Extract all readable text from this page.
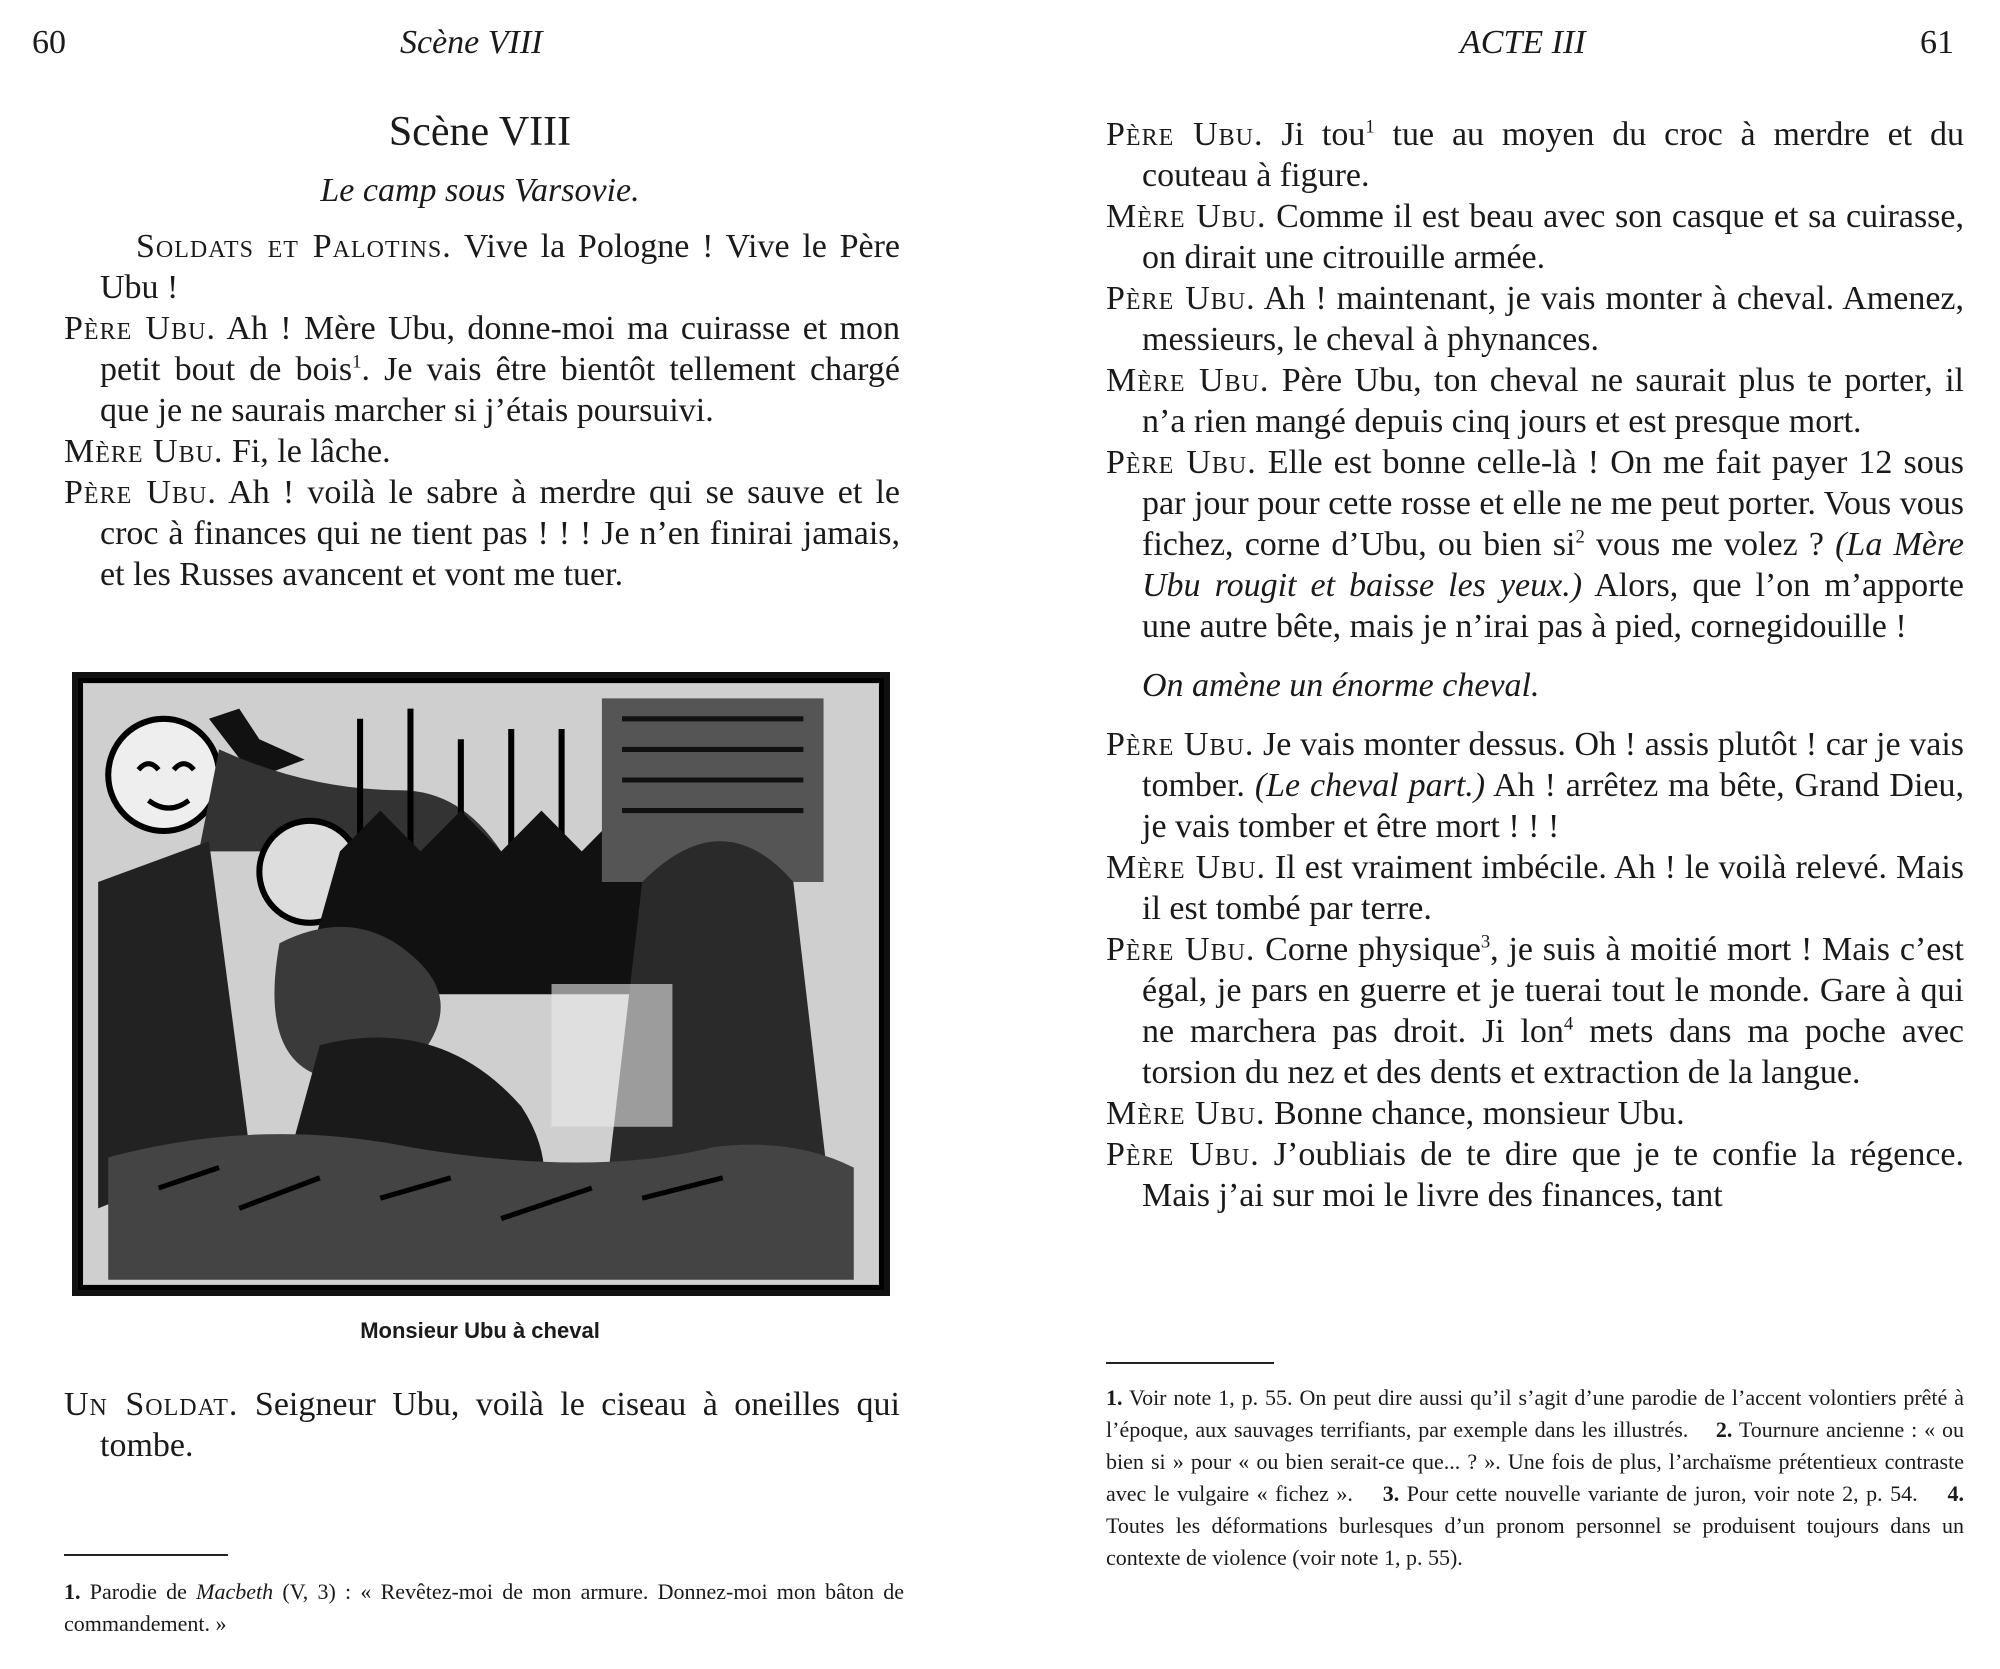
60	Scène VIII
Scène VIII
Le camp sous Varsovie.

Soldats et Palotins. Vive la Pologne ! Vive le Père Ubu !

Père Ubu. Ah ! Mère Ubu, donne-moi ma cuirasse et mon petit bout de bois$^1$. Je vais être bientôt tellement chargé que je ne saurais marcher si j’étais poursuivi.

Mère Ubu. Fi, le lâche.

Père Ubu. Ah ! voilà le sabre à merdre qui se sauve et le croc à finances qui ne tient pas ! ! ! Je n’en finirai jamais, et les Russes avancent et vont me tuer.

Monsieur Ubu à cheval

Un Soldat. Seigneur Ubu, voilà le ciseau à oneilles qui tombe.

1. Parodie de Macbeth (V, 3) : « Revêtez-moi de mon armure. Donnez-moi mon bâton de commandement. »
ACTE III	61

Père Ubu. Ji tou$^1$ tue au moyen du croc à merdre et du couteau à figure.

Mère Ubu. Comme il est beau avec son casque et sa cuirasse, on dirait une citrouille armée.

Père Ubu. Ah ! maintenant, je vais monter à cheval. Amenez, messieurs, le cheval à phynances.

Mère Ubu. Père Ubu, ton cheval ne saurait plus te porter, il n’a rien mangé depuis cinq jours et est presque mort.

Père Ubu. Elle est bonne celle-là ! On me fait payer 12 sous par jour pour cette rosse et elle ne me peut porter. Vous vous fichez, corne d’Ubu, ou bien $si^2$ vous me volez ? (La Mère Ubu rougit et baisse les yeux.) Alors, que l’on m’apporte une autre bête, mais je n’irai pas à pied, cornegidouille !

On amène un énorme cheval.

Père Ubu. Je vais monter dessus. Oh ! assis plutôt ! car je vais tomber. (Le cheval part.) Ah ! arrêtez ma bête, Grand Dieu, je vais tomber et être mort ! ! !

Mère Ubu. Il est vraiment imbécile. Ah ! le voilà relevé. Mais il est tombé par terre.

Père Ubu. Corne physique$^3$, je suis à moitié mort ! Mais c’est égal, je pars en guerre et je tuerai tout le monde. Gare à qui ne marchera pas droit. Ji lon$^4$ mets dans ma poche avec torsion du nez et des dents et extraction de la langue.

Mère Ubu. Bonne chance, monsieur Ubu.

Père Ubu. J’oubliais de te dire que je te confie la régence. Mais j’ai sur moi le livre des finances, tant

1. Voir note 1, p. 55. On peut dire aussi qu’il s’agit d’une parodie de l’accent volontiers prêté à l’époque, aux sauvages terrifiants, par exemple dans les illustrés. 2. Tournure ancienne : « ou bien si » pour « ou bien serait-ce que... ? ». Une fois de plus, l’archaïsme prétentieux contraste avec le vulgaire « fichez ». 3. Pour cette nouvelle variante de juron, voir note 2, p. 54. 4. Toutes les déformations burlesques d’un pronom personnel se produisent toujours dans un contexte de violence (voir note 1, p. 55).
